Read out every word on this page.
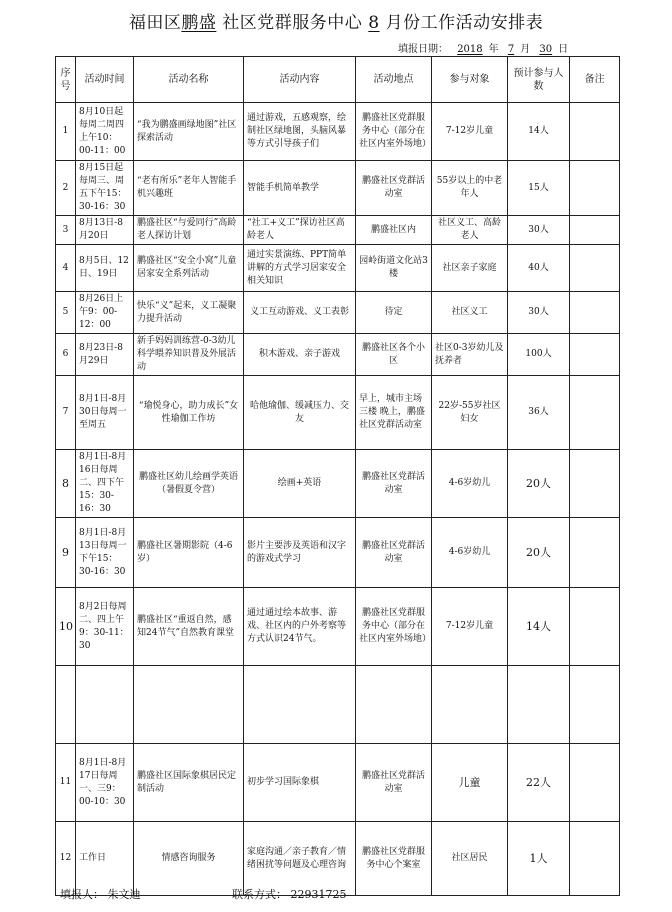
福田区鹏盛 社区党群服务中心 8 月份工作活动安排表
填报日期： 2018 年 7 月 30 日
序号	活动时间	活动名称	活动内容	活动地点	参与对象	预计参与人数	备注
1	8月10日起每周二周四上午10：00-11：00	“我为鹏盛画绿地图”社区探索活动	通过游戏，五感观察，绘制社区绿地图，头脑风暴等方式引导孩子们	鹏盛社区党群服务中心（部分在社区内室外场地）	7-12岁儿童	14人	
2	8月15日起每周三、周五下午15：30-16：30	“老有所乐”老年人智能手机兴趣班	智能手机简单教学	鹏盛社区党群活动室	55岁以上的中老年人	15人	
3	8月13日-8月20日	鹏盛社区“与爱同行”高龄老人探访计划	“社工+义工”探访社区高龄老人	鹏盛社区内	社区义工、高龄老人	30人	
4	8月5日、12日、19日	鹏盛社区“安全小窝”儿童居家安全系列活动	通过实景演练、PPT简单讲解的方式学习居家安全相关知识	园岭街道文化站3楼	社区亲子家庭	40人	
5	8月26日上午9：00-12：00	快乐“义”起来，义工凝聚力提升活动	义工互动游戏、义工表彰	待定	社区义工	30人	
6	8月23日-8月29日	新手妈妈训练营-0-3幼儿科学喂养知识普及外展活动	积木游戏、亲子游戏	鹏盛社区各个小区	社区0-3岁幼儿及抚养者	100人	
7	8月1日-8月30日每周一至周五	“瑜悦身心，助力成长”女性瑜伽工作坊	哈他瑜伽、缓减压力、交友	早上，城市主场三楼 晚上，鹏盛社区党群活动室	22岁-55岁社区妇女	36人	
8	8月1日-8月16日每周二、四下午15：30-16：30	鹏盛社区幼儿绘画学英语（暑假夏令营）	绘画+英语	鹏盛社区党群活动室	4-6岁幼儿	20人	
9	8月1日-8月13日每周一下午15：30-16：30	鹏盛社区暑期影院（4-6岁）	影片主要涉及英语和汉字的游戏式学习	鹏盛社区党群活动室	4-6岁幼儿	20人	
10	8月2日每周二、四上午9：30-11：30	鹏盛社区“重返自然，感知24节气”自然教育课堂	通过通过绘本故事、游戏、社区内的户外考察等方式认识24节气。	鹏盛社区党群服务中心（部分在社区内室外场地）	7-12岁儿童	14人	

11	8月1日-8月17日每周一、三9：00-10：30	鹏盛社区国际象棋居民定制活动	初步学习国际象棋	鹏盛社区党群活动室	儿童	22人	
12	工作日	情感咨询服务	家庭沟通／亲子教育／情绪困扰等问题及心理咨询	鹏盛社区党群服务中心个案室	社区居民	1人	
填报人： 朱文迪	联系方式： 22931725
